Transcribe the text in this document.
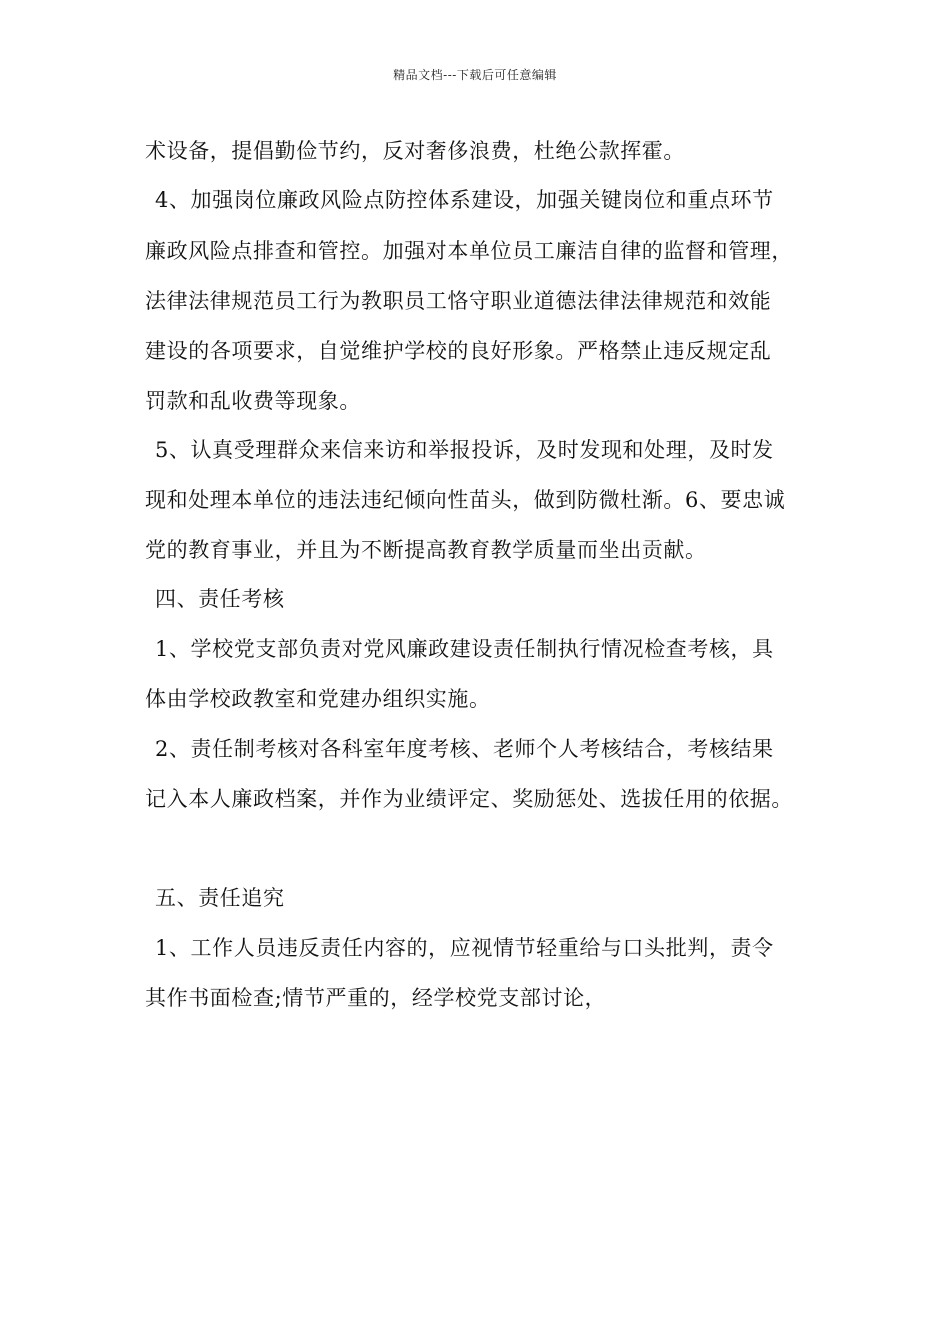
精品文档---下载后可任意编辑
术设备，提倡勤俭节约，反对奢侈浪费，杜绝公款挥霍。
4、加强岗位廉政风险点防控体系建设，加强关键岗位和重点环节
廉政风险点排查和管控。加强对本单位员工廉洁自律的监督和管理，
法律法律规范员工行为教职员工恪守职业道德法律法律规范和效能
建设的各项要求，自觉维护学校的良好形象。严格禁止违反规定乱
罚款和乱收费等现象。
5、认真受理群众来信来访和举报投诉，及时发现和处理，及时发
现和处理本单位的违法违纪倾向性苗头，做到防微杜渐。6、要忠诚
党的教育事业，并且为不断提高教育教学质量而坐出贡献。
四、责任考核
1、学校党支部负责对党风廉政建设责任制执行情况检查考核，具
体由学校政教室和党建办组织实施。
2、责任制考核对各科室年度考核、老师个人考核结合，考核结果
记入本人廉政档案，并作为业绩评定、奖励惩处、选拔任用的依据。
五、责任追究
1、工作人员违反责任内容的，应视情节轻重给与口头批判，责令
其作书面检查;情节严重的，经学校党支部讨论，
